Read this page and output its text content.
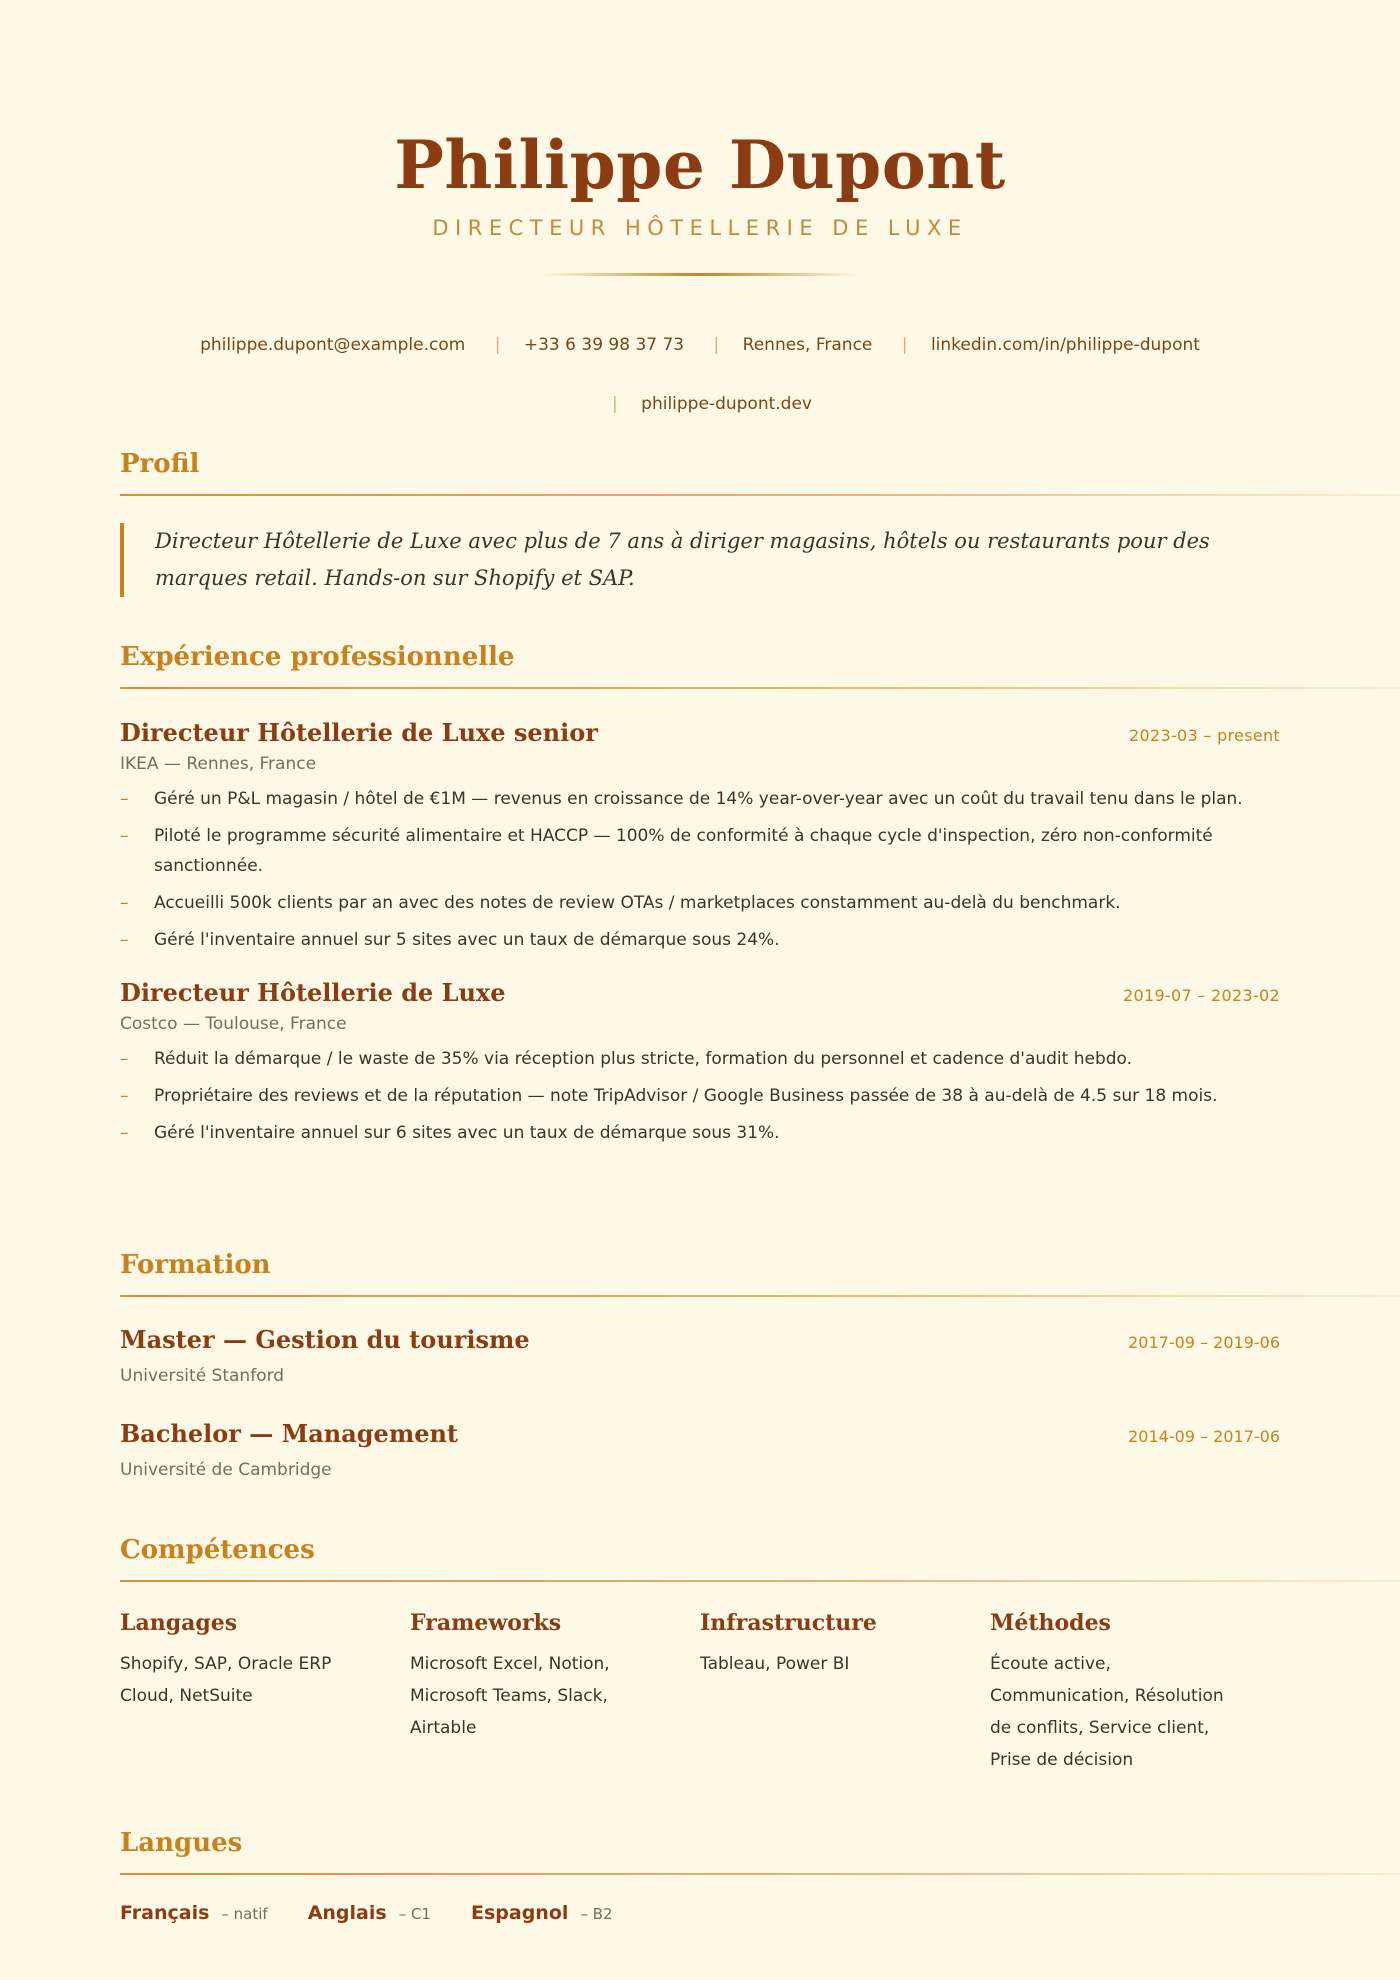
Philippe Dupont
DIRECTEUR HÔTELLERIE DE LUXE
philippe.dupont@example.com | +33 6 39 98 37 73 | Rennes, France | linkedin.com/in/philippe-dupont
| philippe-dupont.dev
Profil
Directeur Hôtellerie de Luxe avec plus de 7 ans à diriger magasins, hôtels ou restaurants pour des marques retail. Hands-on sur Shopify et SAP.
Expérience professionnelle
Directeur Hôtellerie de Luxe senior	2023-03 – present
IKEA — Rennes, France
– Géré un P&L magasin / hôtel de €1M — revenus en croissance de 14% year-over-year avec un coût du travail tenu dans le plan.
– Piloté le programme sécurité alimentaire et HACCP — 100% de conformité à chaque cycle d'inspection, zéro non-conformité sanctionnée.
– Accueilli 500k clients par an avec des notes de review OTAs / marketplaces constamment au-delà du benchmark.
– Géré l'inventaire annuel sur 5 sites avec un taux de démarque sous 24%.
Directeur Hôtellerie de Luxe	2019-07 – 2023-02
Costco — Toulouse, France
– Réduit la démarque / le waste de 35% via réception plus stricte, formation du personnel et cadence d'audit hebdo.
– Propriétaire des reviews et de la réputation — note TripAdvisor / Google Business passée de 38 à au-delà de 4.5 sur 18 mois.
– Géré l'inventaire annuel sur 6 sites avec un taux de démarque sous 31%.
Formation
Master — Gestion du tourisme	2017-09 – 2019-06
Université Stanford
Bachelor — Management	2014-09 – 2017-06
Université de Cambridge
Compétences
Langages
Shopify, SAP, Oracle ERP Cloud, NetSuite
Frameworks
Microsoft Excel, Notion, Microsoft Teams, Slack, Airtable
Infrastructure
Tableau, Power BI
Méthodes
Écoute active, Communication, Résolution de conflits, Service client, Prise de décision
Langues
Français – natif Anglais – C1 Espagnol – B2
